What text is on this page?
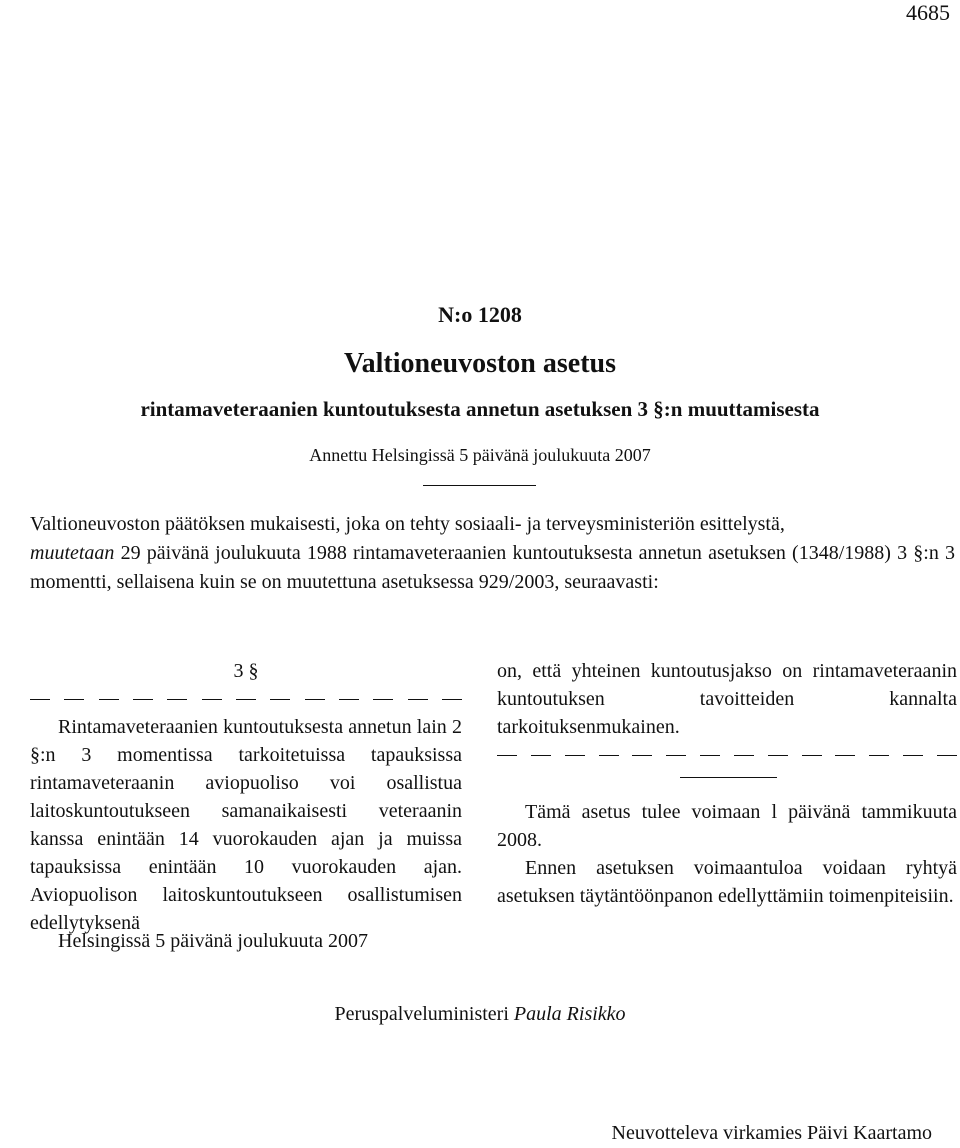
4685
N:o 1208
Valtioneuvoston asetus
rintamaveteraanien kuntoutuksesta annetun asetuksen 3 §:n muuttamisesta
Annettu Helsingissä 5 päivänä joulukuuta 2007
Valtioneuvoston päätöksen mukaisesti, joka on tehty sosiaali- ja terveysministeriön esittelystä,
muutetaan 29 päivänä joulukuuta 1988 rintamaveteraanien kuntoutuksesta annetun asetuksen (1348/1988) 3 §:n 3 momentti, sellaisena kuin se on muutettuna asetuksessa 929/2003, seuraavasti:
3 §
Rintamaveteraanien kuntoutuksesta annetun lain 2 §:n 3 momentissa tarkoitetuissa tapauksissa rintamaveteraanin aviopuoliso voi osallistua laitoskuntoutukseen samanaikaisesti veteraanin kanssa enintään 14 vuorokauden ajan ja muissa tapauksissa enintään 10 vuorokauden ajan. Aviopuolison laitoskuntoutukseen osallistumisen edellytyksenä
on, että yhteinen kuntoutusjakso on rintamaveteraanin kuntoutuksen tavoitteiden kannalta tarkoituksenmukainen.
Tämä asetus tulee voimaan l päivänä tammikuuta 2008.
Ennen asetuksen voimaantuloa voidaan ryhtyä asetuksen täytäntöönpanon edellyttämiin toimenpiteisiin.
Helsingissä 5 päivänä joulukuuta 2007
Peruspalveluministeri Paula Risikko
Neuvotteleva virkamies Päivi Kaartamo
